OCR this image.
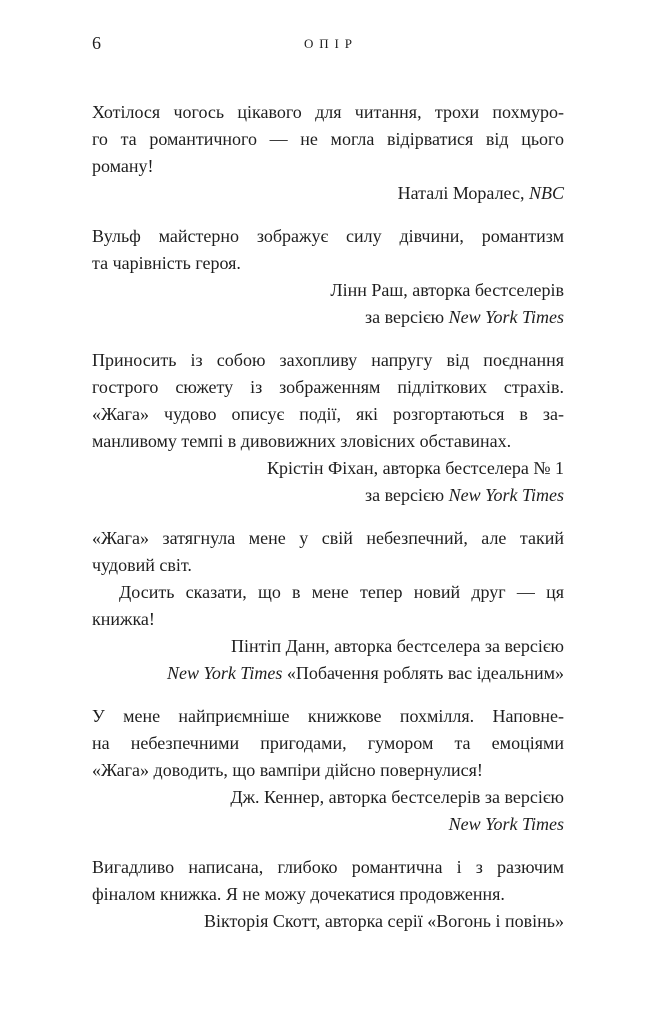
6	ОПІР
Хотілося чогось цікавого для читання, трохи похмуро-
го та романтичного — не могла відірватися від цього
роману!
Наталі Моралес, NBC
Вульф майстерно зображує силу дівчини, романтизм
та чарівність героя.
Лінн Раш, авторка бестселерів
за версією New York Times
Приносить із собою захопливу напругу від поєднання
гострого сюжету із зображенням підліткових страхів.
«Жага» чудово описує події, які розгортаються в за-
манливому темпі в дивовижних зловісних обставинах.
Крістін Фіхан, авторка бестселера № 1
за версією New York Times
«Жага» затягнула мене у свій небезпечний, але такий
чудовий світ.
Досить сказати, що в мене тепер новий друг — ця
книжка!
Пінтіп Данн, авторка бестселера за версією
New York Times «Побачення роблять вас ідеальним»
У мене найприємніше книжкове похмілля. Наповне-
на небезпечними пригодами, гумором та емоціями
«Жага» доводить, що вампіри дійсно повернулися!
Дж. Кеннер, авторка бестселерів за версією
New York Times
Вигадливо написана, глибоко романтична і з разючим
фіналом книжка. Я не можу дочекатися продовження.
Вікторія Скотт, авторка серії «Вогонь і повінь»
